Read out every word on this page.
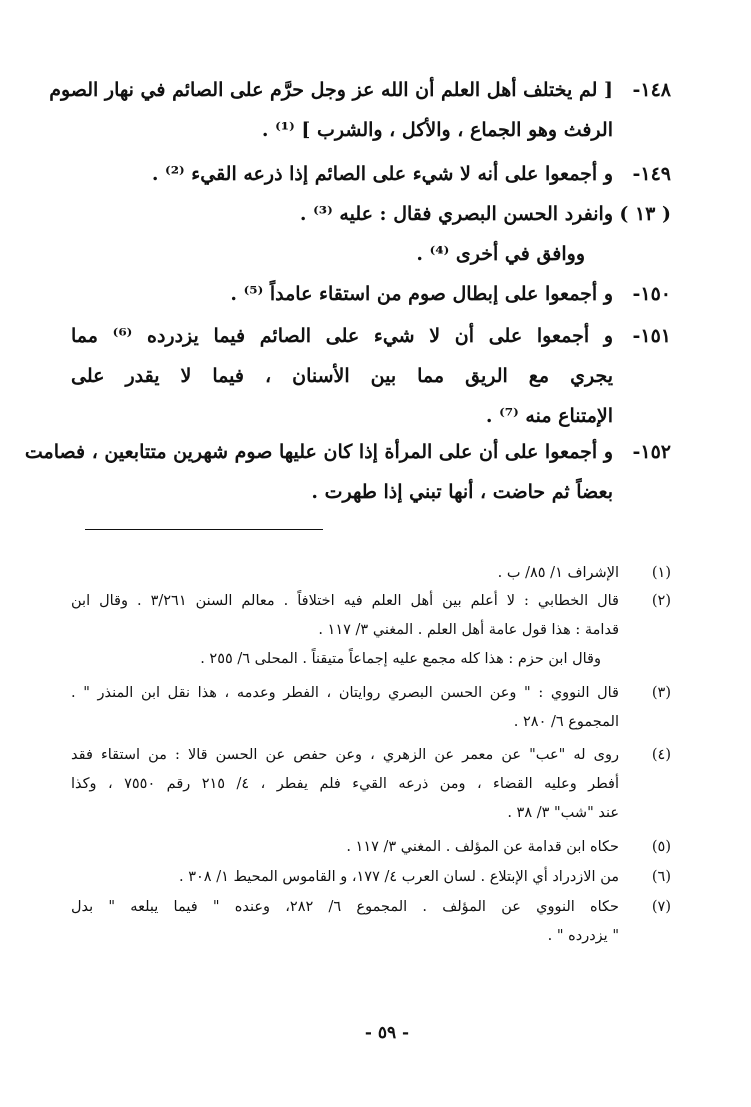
١٤٨-
[ لم يختلف أهل العلم أن الله عز وجل حرَّم على الصائم في نهار الصوم
الرفث وهو الجماع ، والأكل ، والشرب ] ⁽¹⁾ .
١٤٩-
و أجمعوا على أنه لا شيء على الصائم إذا ذرعه القيء ⁽²⁾ .
( ١٣ )
وانفرد الحسن البصري فقال : عليه ⁽³⁾ .
ووافق في أخرى ⁽⁴⁾ .
١٥٠-
و أجمعوا على إبطال صوم من استقاء عامداً ⁽⁵⁾ .
١٥١-
و أجمعوا على أن لا شيء على الصائم فيما يزدرده ⁽⁶⁾ مما
يجري مع الريق مما بين الأسنان ، فيما لا يقدر على
الإمتناع منه ⁽⁷⁾ .
١٥٢-
و أجمعوا على أن على المرأة إذا كان عليها صوم شهرين متتابعين ، فصامت
بعضاً ثم حاضت ، أنها تبني إذا طهرت .
(١)
الإشراف ١/ ٨٥/ ب .
(٢)
قال الخطابي : لا أعلم بين أهل العلم فيه اختلافاً . معالم السنن ٣/٢٦١ . وقال ابن
قدامة : هذا قول عامة أهل العلم . المغني ٣/ ١١٧ .
وقال ابن حزم : هذا كله مجمع عليه إجماعاً متيقناً . المحلى ٦/ ٢٥٥ .
(٣)
قال النووي : " وعن الحسن البصري روايتان ، الفطر وعدمه ، هذا نقل ابن المنذر " .
المجموع ٦/ ٢٨٠ .
(٤)
روى له "عب" عن معمر عن الزهري ، وعن حفص عن الحسن قالا : من استقاء فقد
أفطر وعليه القضاء ، ومن ذرعه القيء فلم يفطر ، ٤/ ٢١٥ رقم ٧٥٥٠ ، وكذا
عند "شب" ٣/ ٣٨ .
(٥)
حكاه ابن قدامة عن المؤلف . المغني ٣/ ١١٧ .
(٦)
من الازدراد أي الإبتلاع . لسان العرب ٤/ ١٧٧، و القاموس المحيط ١/ ٣٠٨ .
(٧)
حكاه النووي عن المؤلف . المجموع ٦/ ٢٨٢، وعنده " فيما يبلعه " بدل
" يزدرده " .
- ٥٩ -
